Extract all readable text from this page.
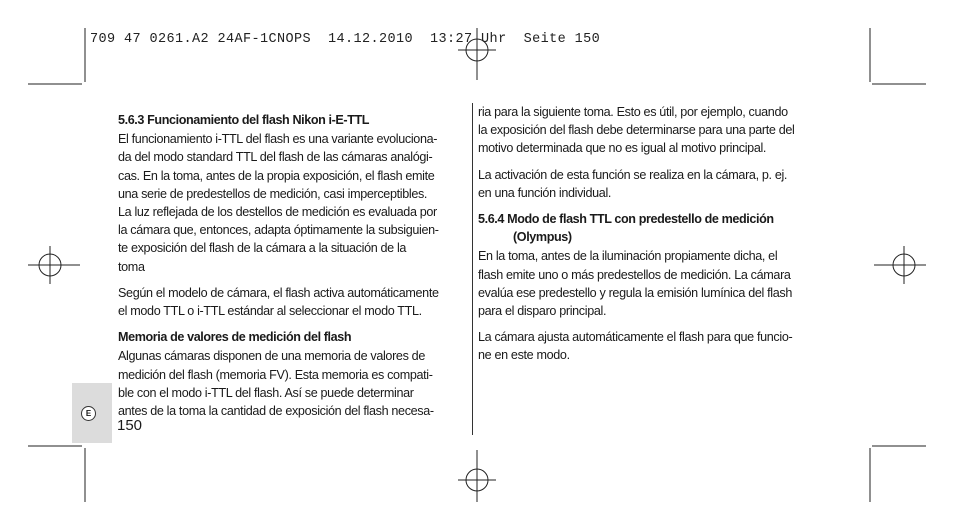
709 47 0261.A2 24AF-1CNOPS  14.12.2010  13:27 Uhr  Seite 150
5.6.3 Funcionamiento del flash Nikon i-E-TTL

El funcionamiento i-TTL del flash es una variante evoluciona-
da del modo standard TTL del flash de las cámaras analógi-
cas. En la toma, antes de la propia exposición, el flash emite
una serie de predestellos de medición, casi imperceptibles.
La luz reflejada de los destellos de medición es evaluada por
la cámara que, entonces, adapta óptimamente la subsiguien-
te exposición del flash de la cámara a la situación de la
toma

Según el modelo de cámara, el flash activa automáticamente
el modo TTL o i-TTL estándar al seleccionar el modo TTL.

Memoria de valores de medición del flash

Algunas cámaras disponen de una memoria de valores de
medición del flash (memoria FV). Esta memoria es compati-
ble con el modo i-TTL del flash. Así se puede determinar
antes de la toma la cantidad de exposición del flash necesa-

ria para la siguiente toma. Esto es útil, por ejemplo, cuando
la exposición del flash debe determinarse para una parte del
motivo determinada que no es igual al motivo principal.

La activación de esta función se realiza en la cámara, p. ej.
en una función individual.

5.6.4 Modo de flash TTL con predestello de medición
(Olympus)

En la toma, antes de la iluminación propiamente dicha, el
flash emite uno o más predestellos de medición. La cámara
evalúa ese predestello y regula la emisión lumínica del flash
para el disparo principal.

La cámara ajusta automáticamente el flash para que funcio-
ne en este modo.

E
150
